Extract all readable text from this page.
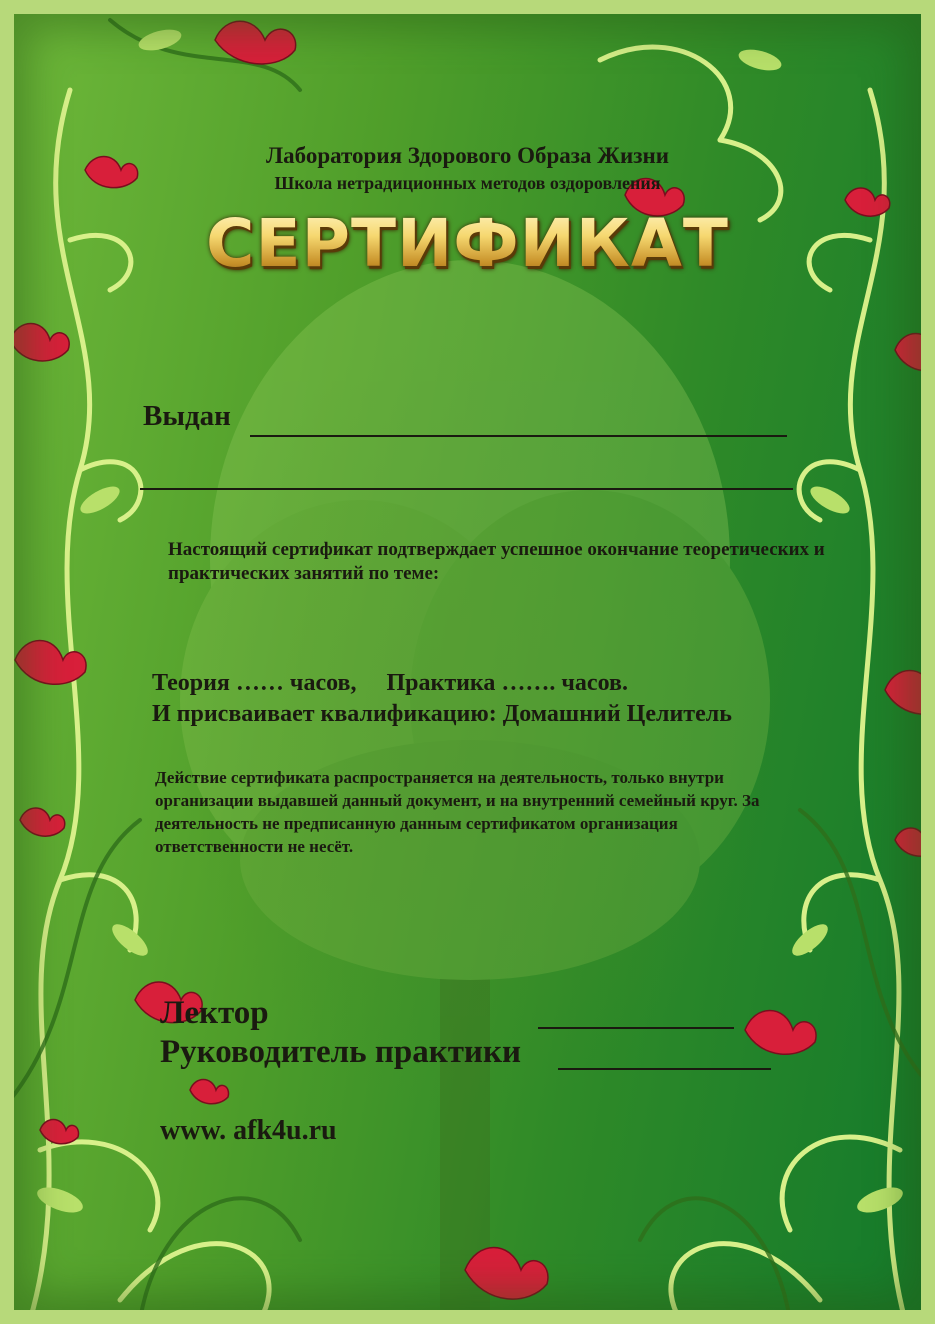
Лаборатория Здорового Образа Жизни
Школа нетрадиционных методов оздоровления
СЕРТИФИКАТ
Выдан
Настоящий сертификат подтверждает успешное окончание теоретических и практических занятий по теме:
Теория …… часов, Практика ……. часов.
И присваивает квалификацию: Домашний Целитель
Действие сертификата распространяется на деятельность, только внутри организации выдавшей данный документ, и на внутренний семейный круг. За деятельность не предписанную данным сертификатом организация ответственности не несёт.
Лектор
Руководитель практики
www. afk4u.ru
